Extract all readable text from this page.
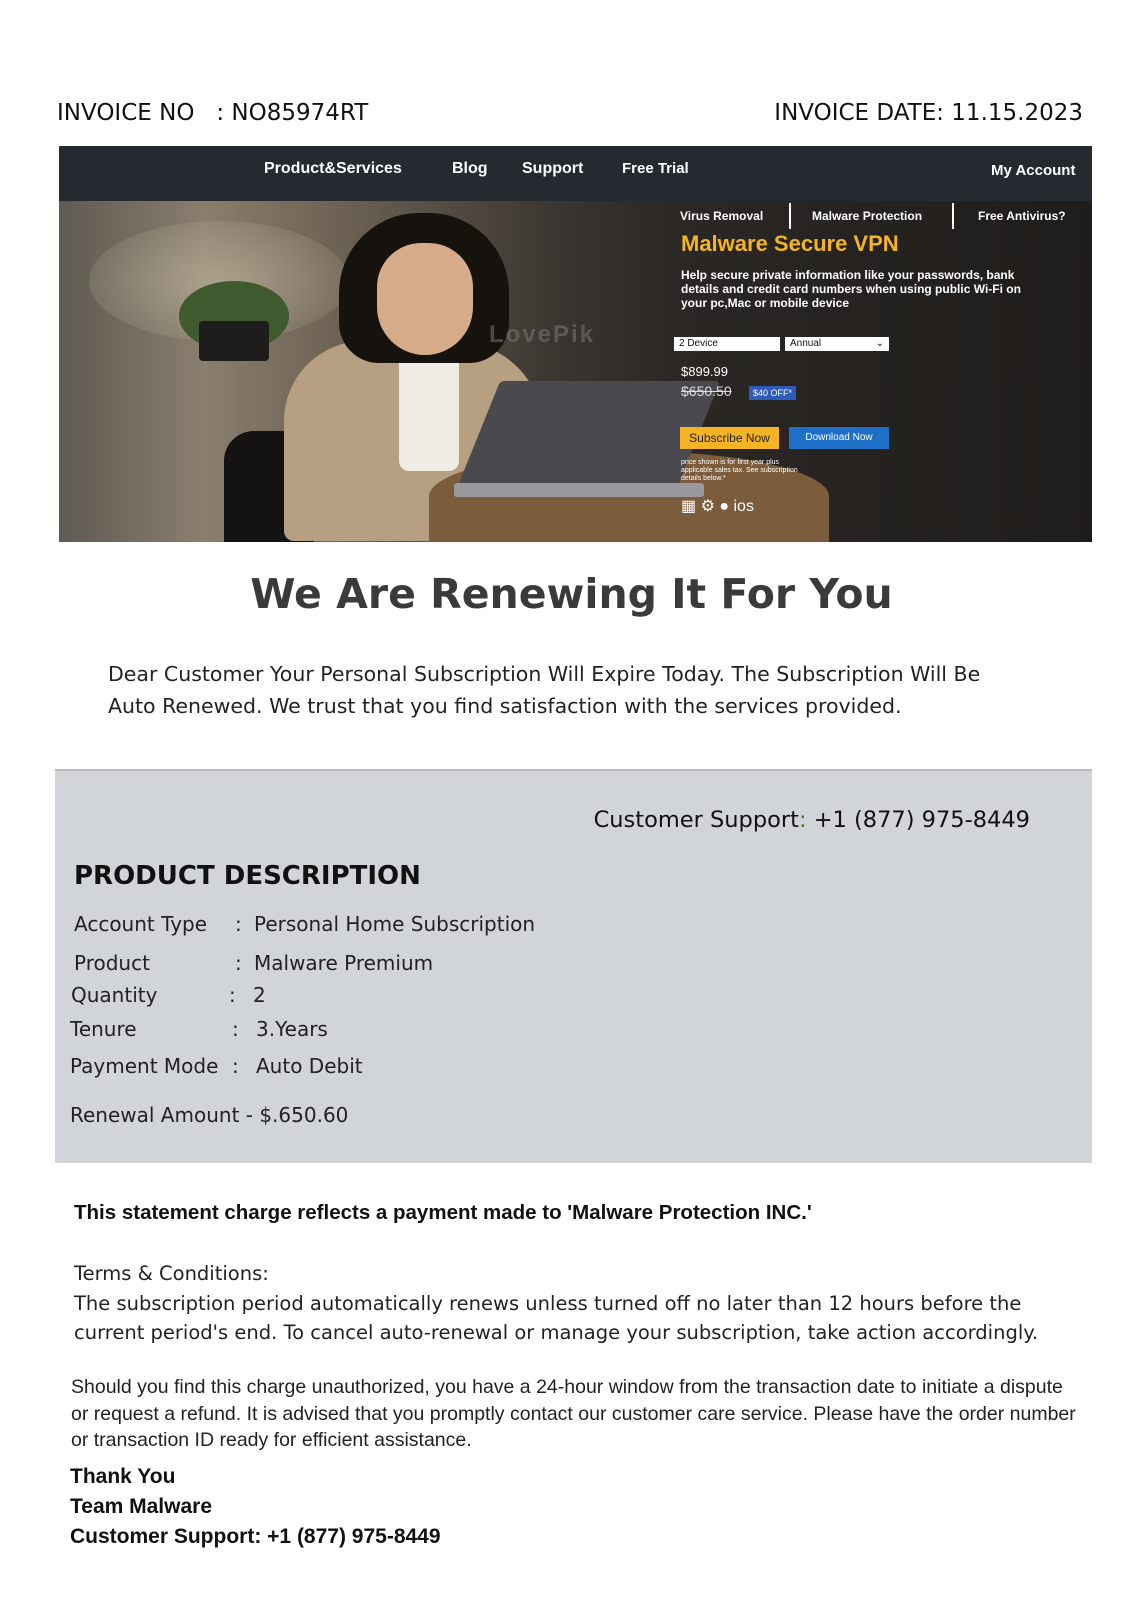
INVOICE NO   : NO85974RT	INVOICE DATE: 11.15.2023
Product&Services	Blog Support	Free Trial	My Account
LovePik
Virus Removal	Malware Protection	Free Antivirus?
Malware Secure VPN
Help secure private information like your passwords, bank details and credit card numbers when using public Wi-Fi on your pc,Mac or mobile device
2 Device	Annual	⌄
$899.99
$650.50	$40 OFF*
Subscribe Now	Download Now
price shown is for first year plus applicable sales tax. See subscription details below.*
▦ ⚙ ● ios
We Are Renewing It For You
Dear Customer Your Personal Subscription Will Expire Today. The Subscription Will Be Auto Renewed. We trust that you find satisfaction with the services provided.
Customer Support: +1 (877) 975-8449
PRODUCT DESCRIPTION
Account Type : Personal Home Subscription
Product	: Malware Premium
Quantity	: 2
Tenure	: 3.Years
Payment Mode : Auto Debit
Renewal Amount - $.650.60
This statement charge reflects a payment made to 'Malware Protection INC.'
Terms & Conditions:
The subscription period automatically renews unless turned off no later than 12 hours before the current period's end. To cancel auto-renewal or manage your subscription, take action accordingly.
Should you find this charge unauthorized, you have a 24-hour window from the transaction date to initiate a dispute or request a refund. It is advised that you promptly contact our customer care service. Please have the order number or transaction ID ready for efficient assistance.
Thank You
Team Malware
Customer Support: +1 (877) 975-8449
